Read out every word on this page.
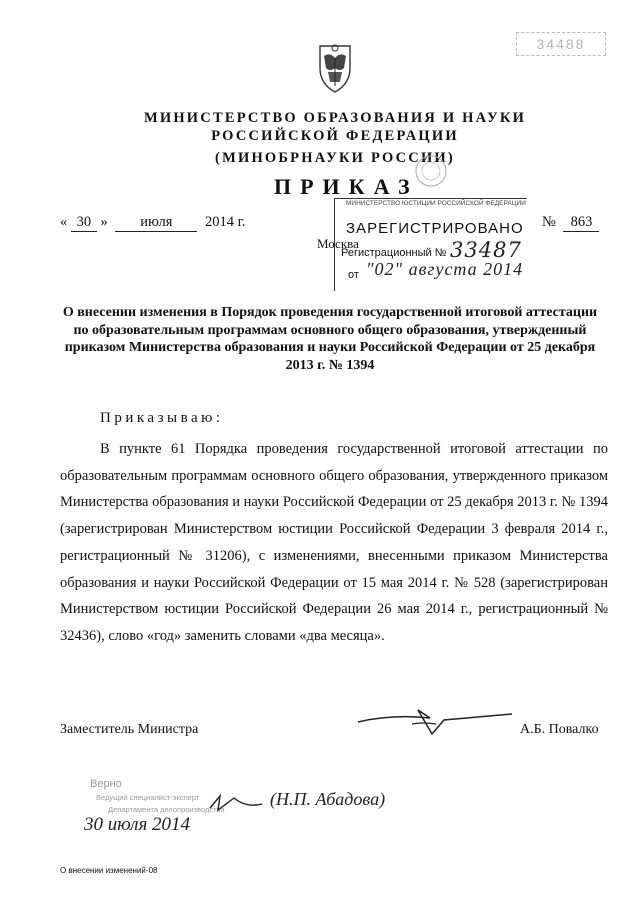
34488
МИНИСТЕРСТВО ОБРАЗОВАНИЯ И НАУКИ
РОССИЙСКОЙ ФЕДЕРАЦИИ
(МИНОБРНАУКИ РОССИИ)
ПРИКАЗ
« 30 » июля 2014 г.	№ 863
МИНИСТЕРСТВО ЮСТИЦИИ РОССИЙСКОЙ ФЕДЕРАЦИИ
ЗАРЕГИСТРИРОВАНО
Москва
Регистрационный № 33487
от "02" августа 2014
О внесении изменения в Порядок проведения государственной итоговой аттестации по образовательным программам основного общего образования, утвержденный приказом Министерства образования и науки Российской Федерации от 25 декабря 2013 г. № 1394
Приказываю:
В пункте 61 Порядка проведения государственной итоговой аттестации по образовательным программам основного общего образования, утвержденного приказом Министерства образования и науки Российской Федерации от 25 декабря 2013 г. № 1394 (зарегистрирован Министерством юстиции Российской Федерации 3 февраля 2014 г., регистрационный № 31206), с изменениями, внесенными приказом Министерства образования и науки Российской Федерации от 15 мая 2014 г. № 528 (зарегистрирован Министерством юстиции Российской Федерации 26 мая 2014 г., регистрационный № 32436), слово «год» заменить словами «два месяца».
Заместитель Министра	А.Б. Повалко
Верно
Ведущий специалист-эксперт
Департамента делопроизводства
(Н.П. Абадова)
30 июля 2014
О внесении изменений-08
